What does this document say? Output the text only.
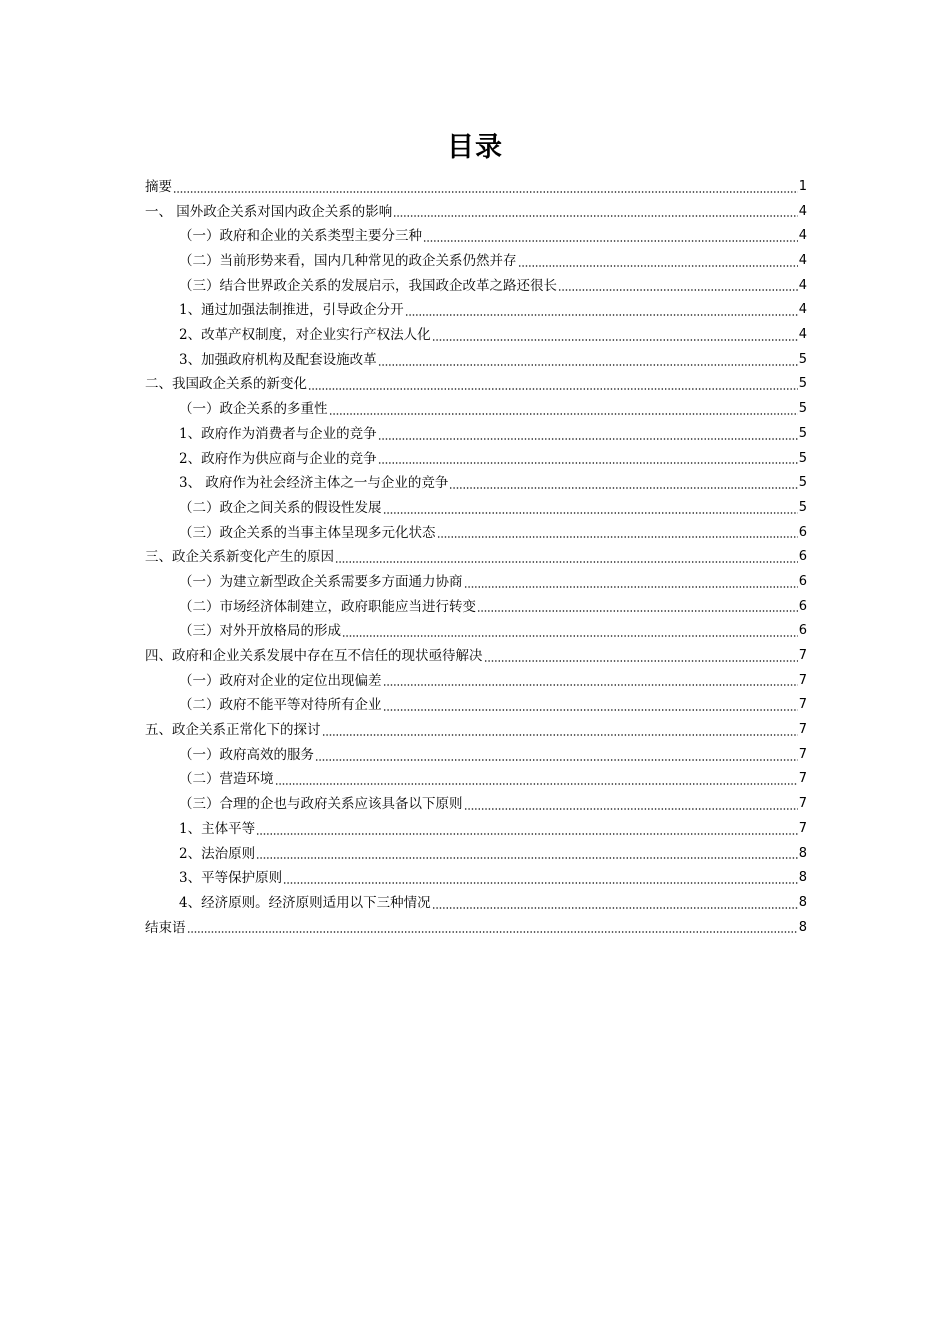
目录
摘要	1
一、 国外政企关系对国内政企关系的影响	4
（一）政府和企业的关系类型主要分三种	4
（二）当前形势来看，国内几种常见的政企关系仍然并存	4
（三）结合世界政企关系的发展启示，我国政企改革之路还很长	4
1、通过加强法制推进，引导政企分开	4
2、改革产权制度，对企业实行产权法人化	4
3、加强政府机构及配套设施改革	5
二、我国政企关系的新变化	5
（一）政企关系的多重性	5
1、政府作为消费者与企业的竞争	5
2、政府作为供应商与企业的竞争	5
3、 政府作为社会经济主体之一与企业的竞争	5
（二）政企之间关系的假设性发展	5
（三）政企关系的当事主体呈现多元化状态	6
三、政企关系新变化产生的原因	6
（一）为建立新型政企关系需要多方面通力协商	6
（二）市场经济体制建立，政府职能应当进行转变	6
（三）对外开放格局的形成	6
四、政府和企业关系发展中存在互不信任的现状亟待解决	7
（一）政府对企业的定位出现偏差	7
（二）政府不能平等对待所有企业	7
五、政企关系正常化下的探讨	7
（一）政府高效的服务	7
（二）营造环境	7
（三）合理的企也与政府关系应该具备以下原则	7
1、主体平等	7
2、法治原则	8
3、平等保护原则	8
4、经济原则。经济原则适用以下三种情况	8
结束语	8
